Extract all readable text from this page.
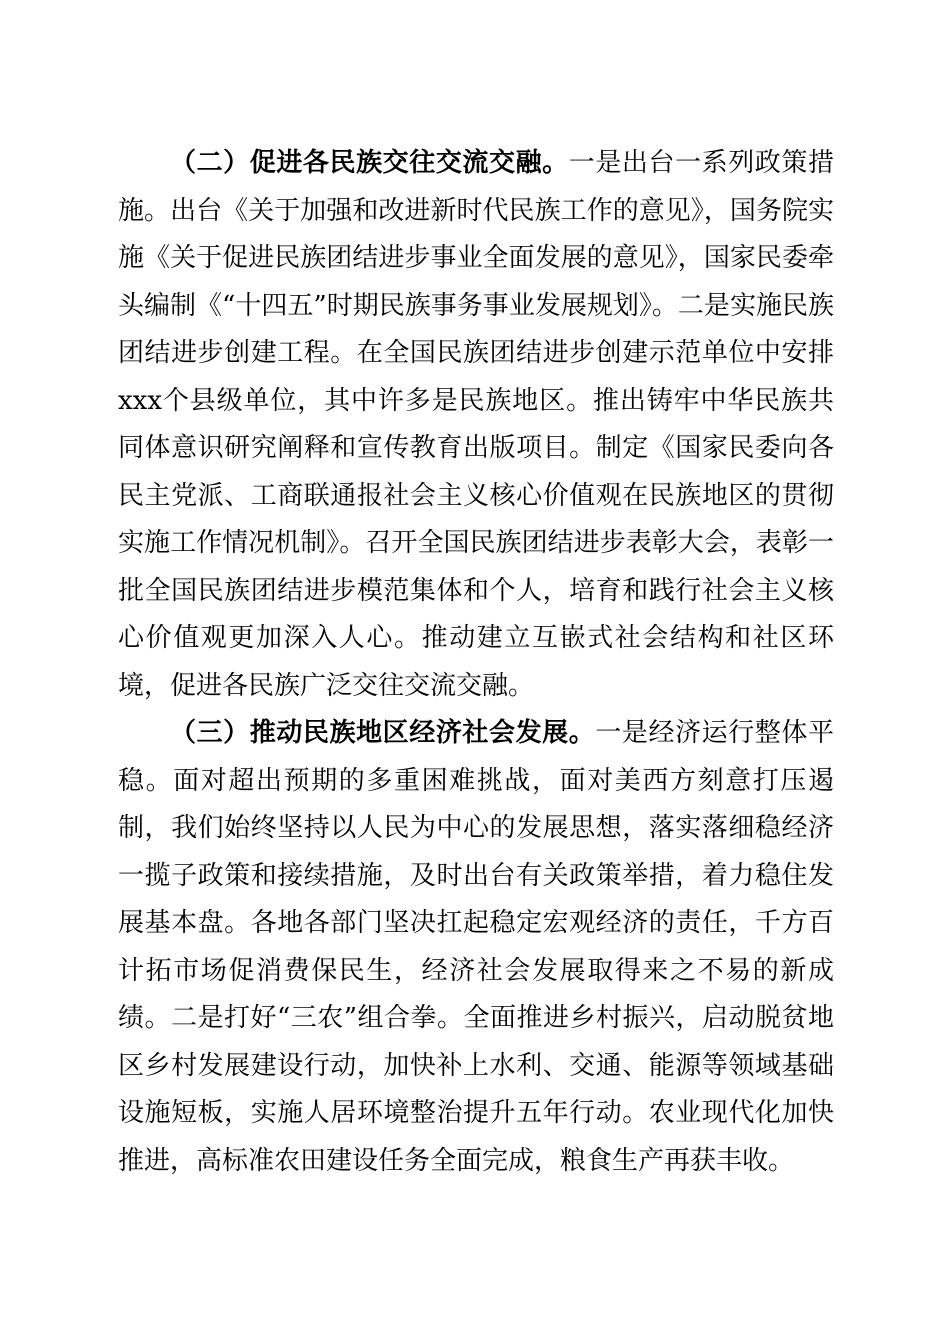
（二）促进各民族交往交流交融。一是出台一系列政策措施。出台《关于加强和改进新时代民族工作的意见》，国务院实施《关于促进民族团结进步事业全面发展的意见》，国家民委牵头编制《“十四五”时期民族事务事业发展规划》。二是实施民族团结进步创建工程。在全国民族团结进步创建示范单位中安排xxx个县级单位，其中许多是民族地区。推出铸牢中华民族共同体意识研究阐释和宣传教育出版项目。制定《国家民委向各民主党派、工商联通报社会主义核心价值观在民族地区的贯彻实施工作情况机制》。召开全国民族团结进步表彰大会，表彰一批全国民族团结进步模范集体和个人，培育和践行社会主义核心价值观更加深入人心。推动建立互嵌式社会结构和社区环境，促进各民族广泛交往交流交融。

（三）推动民族地区经济社会发展。一是经济运行整体平稳。面对超出预期的多重困难挑战，面对美西方刻意打压遏制，我们始终坚持以人民为中心的发展思想，落实落细稳经济一揽子政策和接续措施，及时出台有关政策举措，着力稳住发展基本盘。各地各部门坚决扛起稳定宏观经济的责任，千方百计拓市场促消费保民生，经济社会发展取得来之不易的新成绩。二是打好“三农”组合拳。全面推进乡村振兴，启动脱贫地区乡村发展建设行动，加快补上水利、交通、能源等领域基础设施短板，实施人居环境整治提升五年行动。农业现代化加快推进，高标准农田建设任务全面完成，粮食生产再获丰收。
